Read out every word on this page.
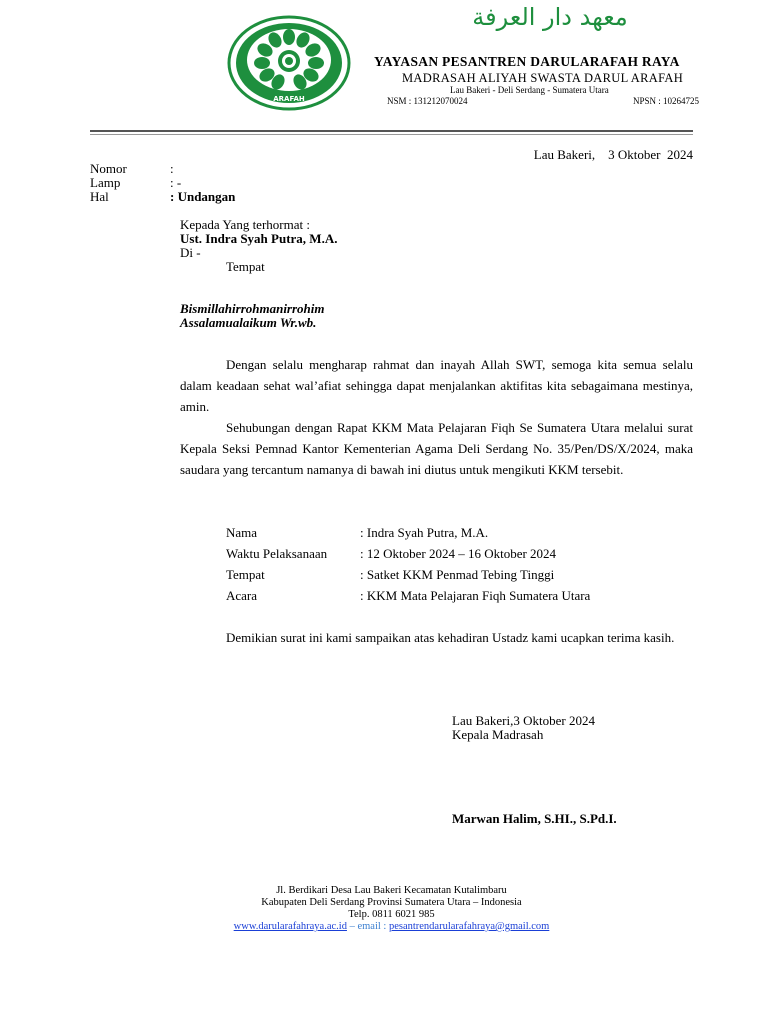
ARAFAH
معهد دار العرفة
YAYASAN PESANTREN DARULARAFAH RAYA
MADRASAH ALIYAH SWASTA DARUL ARAFAH
Lau Bakeri - Deli Serdang - Sumatera Utara
NSM : 131212070024	NPSN : 10264725
Lau Bakeri,    3 Oktober  2024
Nomor	:
Lamp	: -
Hal	: Undangan
Kepada Yang terhormat :
Ust. Indra Syah Putra, M.A.
Di -
Tempat
Bismillahirrohmanirrohim
Assalamualaikum Wr.wb.

Dengan selalu mengharap rahmat dan inayah Allah SWT, semoga kita semua selalu dalam keadaan sehat wal’afiat sehingga dapat menjalankan aktifitas kita sebagaimana mestinya, amin.

Sehubungan dengan Rapat KKM Mata Pelajaran Fiqh Se Sumatera Utara melalui surat Kepala Seksi Pemnad Kantor Kementerian Agama Deli Serdang No. 35/Pen/DS/X/2024, maka saudara yang tercantum namanya di bawah ini diutus untuk mengikuti KKM tersebit.

Nama	: Indra Syah Putra, M.A.
Waktu Pelaksanaan	: 12 Oktober 2024 – 16 Oktober 2024
Tempat	: Satket KKM Penmad Tebing Tinggi
Acara	: KKM Mata Pelajaran Fiqh Sumatera Utara

Demikian surat ini kami sampaikan atas kehadiran Ustadz kami ucapkan terima kasih.

Lau Bakeri,3 Oktober 2024
Kepala Madrasah
Marwan Halim, S.HI., S.Pd.I.
Jl. Berdikari Desa Lau Bakeri Kecamatan Kutalimbaru
Kabupaten Deli Serdang Provinsi Sumatera Utara – Indonesia
Telp. 0811 6021 985
www.darularafahraya.ac.id – email : pesantrendarularafahraya@gmail.com
